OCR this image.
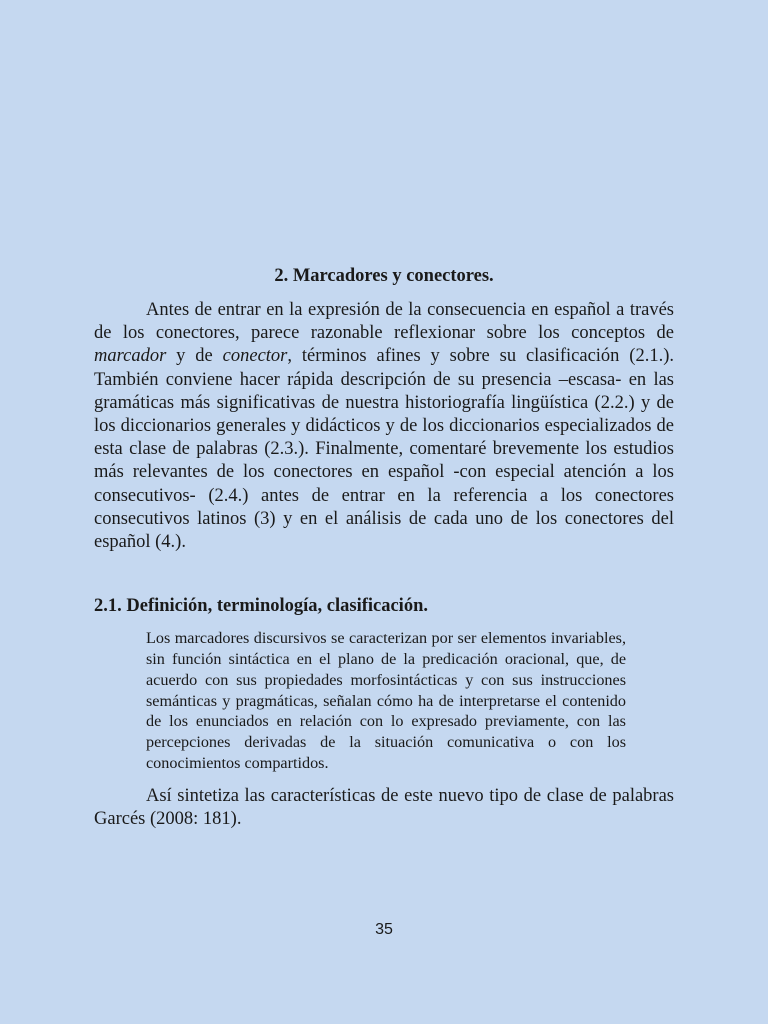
2. Marcadores y conectores.

Antes de entrar en la expresión de la consecuencia en español a través de los conectores, parece razonable reflexionar sobre los conceptos de marcador y de conector, términos afines y sobre su clasificación (2.1.). También conviene hacer rápida descripción de su presencia –escasa- en las gramáticas más significativas de nuestra historiografía lingüística (2.2.) y de los diccionarios generales y didácticos y de los diccionarios especializados de esta clase de palabras (2.3.). Finalmente, comentaré brevemente los estudios más relevantes de los conectores en español -con especial atención a los consecutivos- (2.4.) antes de entrar en la referencia a los conectores consecutivos latinos (3) y en el análisis de cada uno de los conectores del español (4.).

2.1. Definición, terminología, clasificación.

Los marcadores discursivos se caracterizan por ser elementos invariables, sin función sintáctica en el plano de la predicación oracional, que, de acuerdo con sus propiedades morfosintácticas y con sus instrucciones semánticas y pragmáticas, señalan cómo ha de interpretarse el contenido de los enunciados en relación con lo expresado previamente, con las percepciones derivadas de la situación comunicativa o con los conocimientos compartidos.

Así sintetiza las características de este nuevo tipo de clase de palabras Garcés (2008: 181).

35
